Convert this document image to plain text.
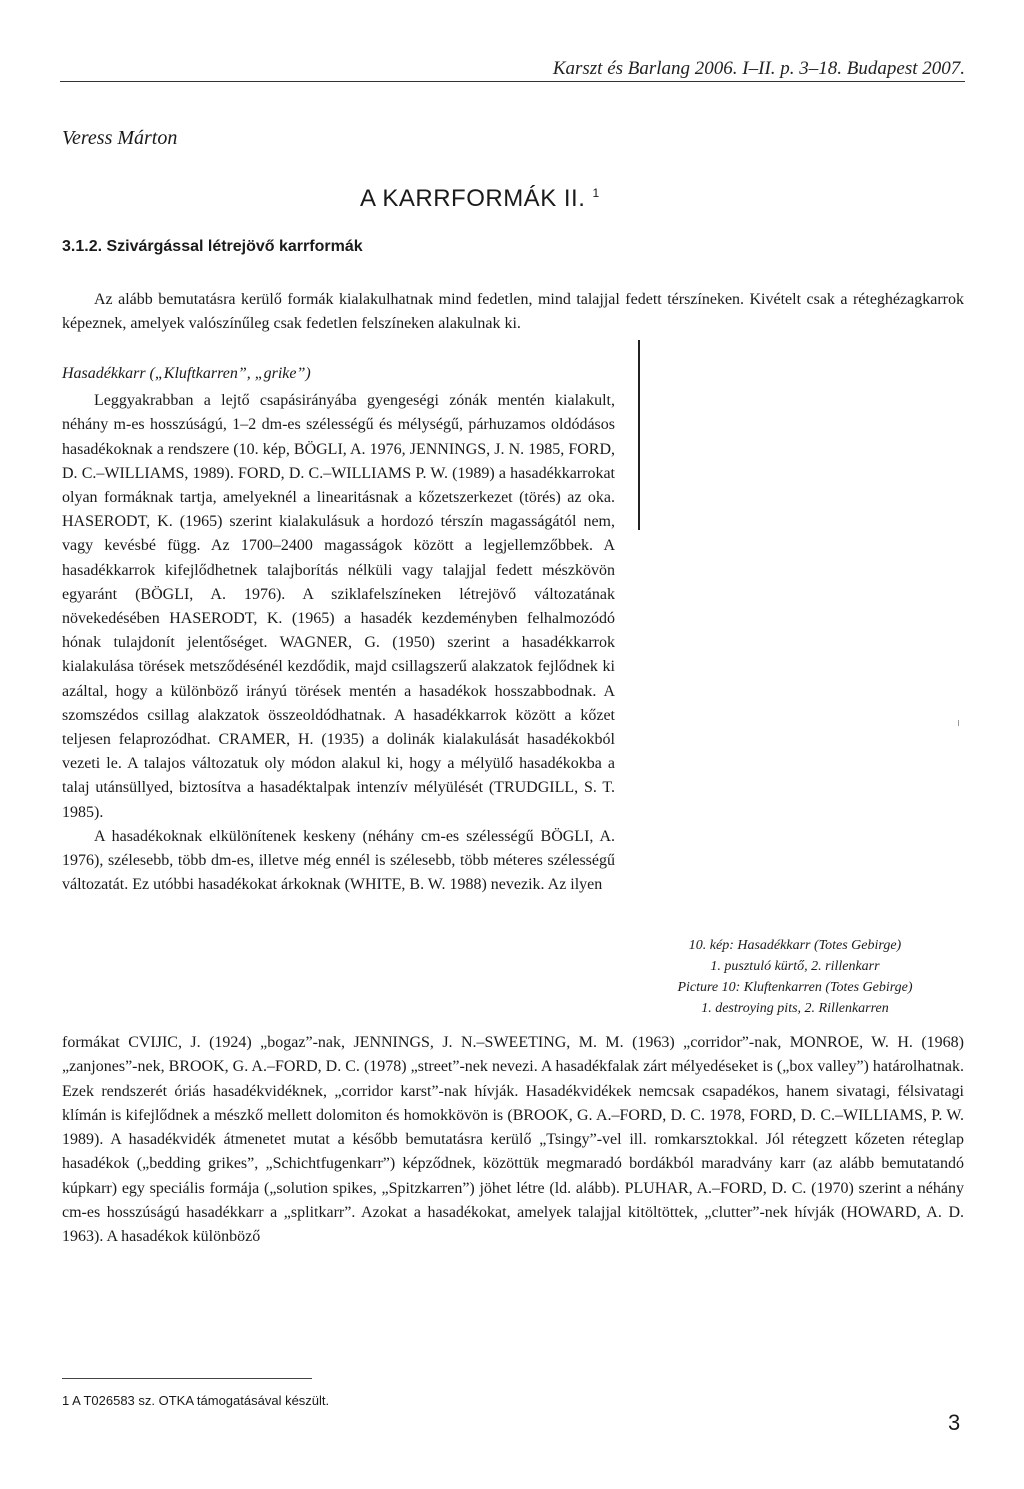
Karszt és Barlang 2006. I–II. p. 3–18. Budapest 2007.
Veress Márton
A KARRFORMÁK II. $^1$
3.1.2. Szivárgással létrejövő karrformák
Az alább bemutatásra kerülő formák kialakulhatnak mind fedetlen, mind talajjal fedett térszíneken. Kivételt csak a réteghézagkarrok képeznek, amelyek valószínűleg csak fedetlen felszíneken alakulnak ki.

Hasadékkarr („Kluftkarren”, „grike”)

Leggyakrabban a lejtő csapásirányába gyengeségi zónák mentén kialakult, néhány m-es hosszúságú, 1–2 dm-es szélességű és mélységű, párhuzamos oldódásos hasadékoknak a rendszere (10. kép, BÖGLI, A. 1976, JENNINGS, J. N. 1985, FORD, D. C.–WILLIAMS, 1989). FORD, D. C.–WILLIAMS P. W. (1989) a hasadékkarrokat olyan formáknak tartja, amelyeknél a linearitásnak a kőzetszerkezet (törés) az oka. HASERODT, K. (1965) szerint kialakulásuk a hordozó térszín magasságától nem, vagy kevésbé függ. Az 1700–2400 magasságok között a legjellemzőbbek. A hasadékkarrok kifejlődhetnek talajborítás nélküli vagy talajjal fedett mészkövön egyaránt (BÖGLI, A. 1976). A sziklafelszíneken létrejövő változatának növekedésében HASERODT, K. (1965) a hasadék kezdeményben felhalmozódó hónak tulajdonít jelentőséget. WAGNER, G. (1950) szerint a hasadékkarrok kialakulása törések metsződésénél kezdődik, majd csillagszerű alakzatok fejlődnek ki azáltal, hogy a különböző irányú törések mentén a hasadékok hosszabbodnak. A szomszédos csillag alakzatok összeoldódhatnak. A hasadékkarrok között a kőzet teljesen felaprozódhat. CRAMER, H. (1935) a dolinák kialakulását hasadékokból vezeti le. A talajos változatuk oly módon alakul ki, hogy a mélyülő hasadékokba a talaj utánsüllyed, biztosítva a hasadéktalpak intenzív mélyülését (TRUDGILL, S. T. 1985).

A hasadékoknak elkülönítenek keskeny (néhány cm-es szélességű BÖGLI, A. 1976), szélesebb, több dm-es, illetve még ennél is szélesebb, több méteres szélességű változatát. Ez utóbbi hasadékokat árkoknak (WHITE, B. W. 1988) nevezik. Az ilyen

10. kép: Hasadékkarr (Totes Gebirge)
1. pusztuló kürtő, 2. rillenkarr
Picture 10: Kluftenkarren (Totes Gebirge)
1. destroying pits, 2. Rillenkarren
formákat CVIJIC, J. (1924) „bogaz”-nak, JENNINGS, J. N.–SWEETING, M. M. (1963) „corridor”-nak, MONROE, W. H. (1968) „zanjones”-nek, BROOK, G. A.–FORD, D. C. (1978) „street”-nek nevezi. A hasadékfalak zárt mélyedéseket is („box valley”) határolhatnak. Ezek rendszerét óriás hasadékvidéknek, „corridor karst”-nak hívják. Hasadékvidékek nemcsak csapadékos, hanem sivatagi, félsivatagi klímán is kifejlődnek a mészkő mellett dolomiton és homokkövön is (BROOK, G. A.–FORD, D. C. 1978, FORD, D. C.–WILLIAMS, P. W. 1989). A hasadékvidék átmenetet mutat a később bemutatásra kerülő „Tsingy”-vel ill. romkarsztokkal. Jól rétegzett kőzeten réteglap hasadékok („bedding grikes”, „Schichtfugenkarr”) képződnek, közöttük megmaradó bordákból maradvány karr (az alább bemutatandó kúpkarr) egy speciális formája („solution spikes, „Spitzkarren”) jöhet létre (ld. alább). PLUHAR, A.–FORD, D. C. (1970) szerint a néhány cm-es hosszúságú hasadékkarr a „splitkarr”. Azokat a hasadékokat, amelyek talajjal kitöltöttek, „clutter”-nek hívják (HOWARD, A. D. 1963). A hasadékok különböző
1 A T026583 sz. OTKA támogatásával készült.
3
